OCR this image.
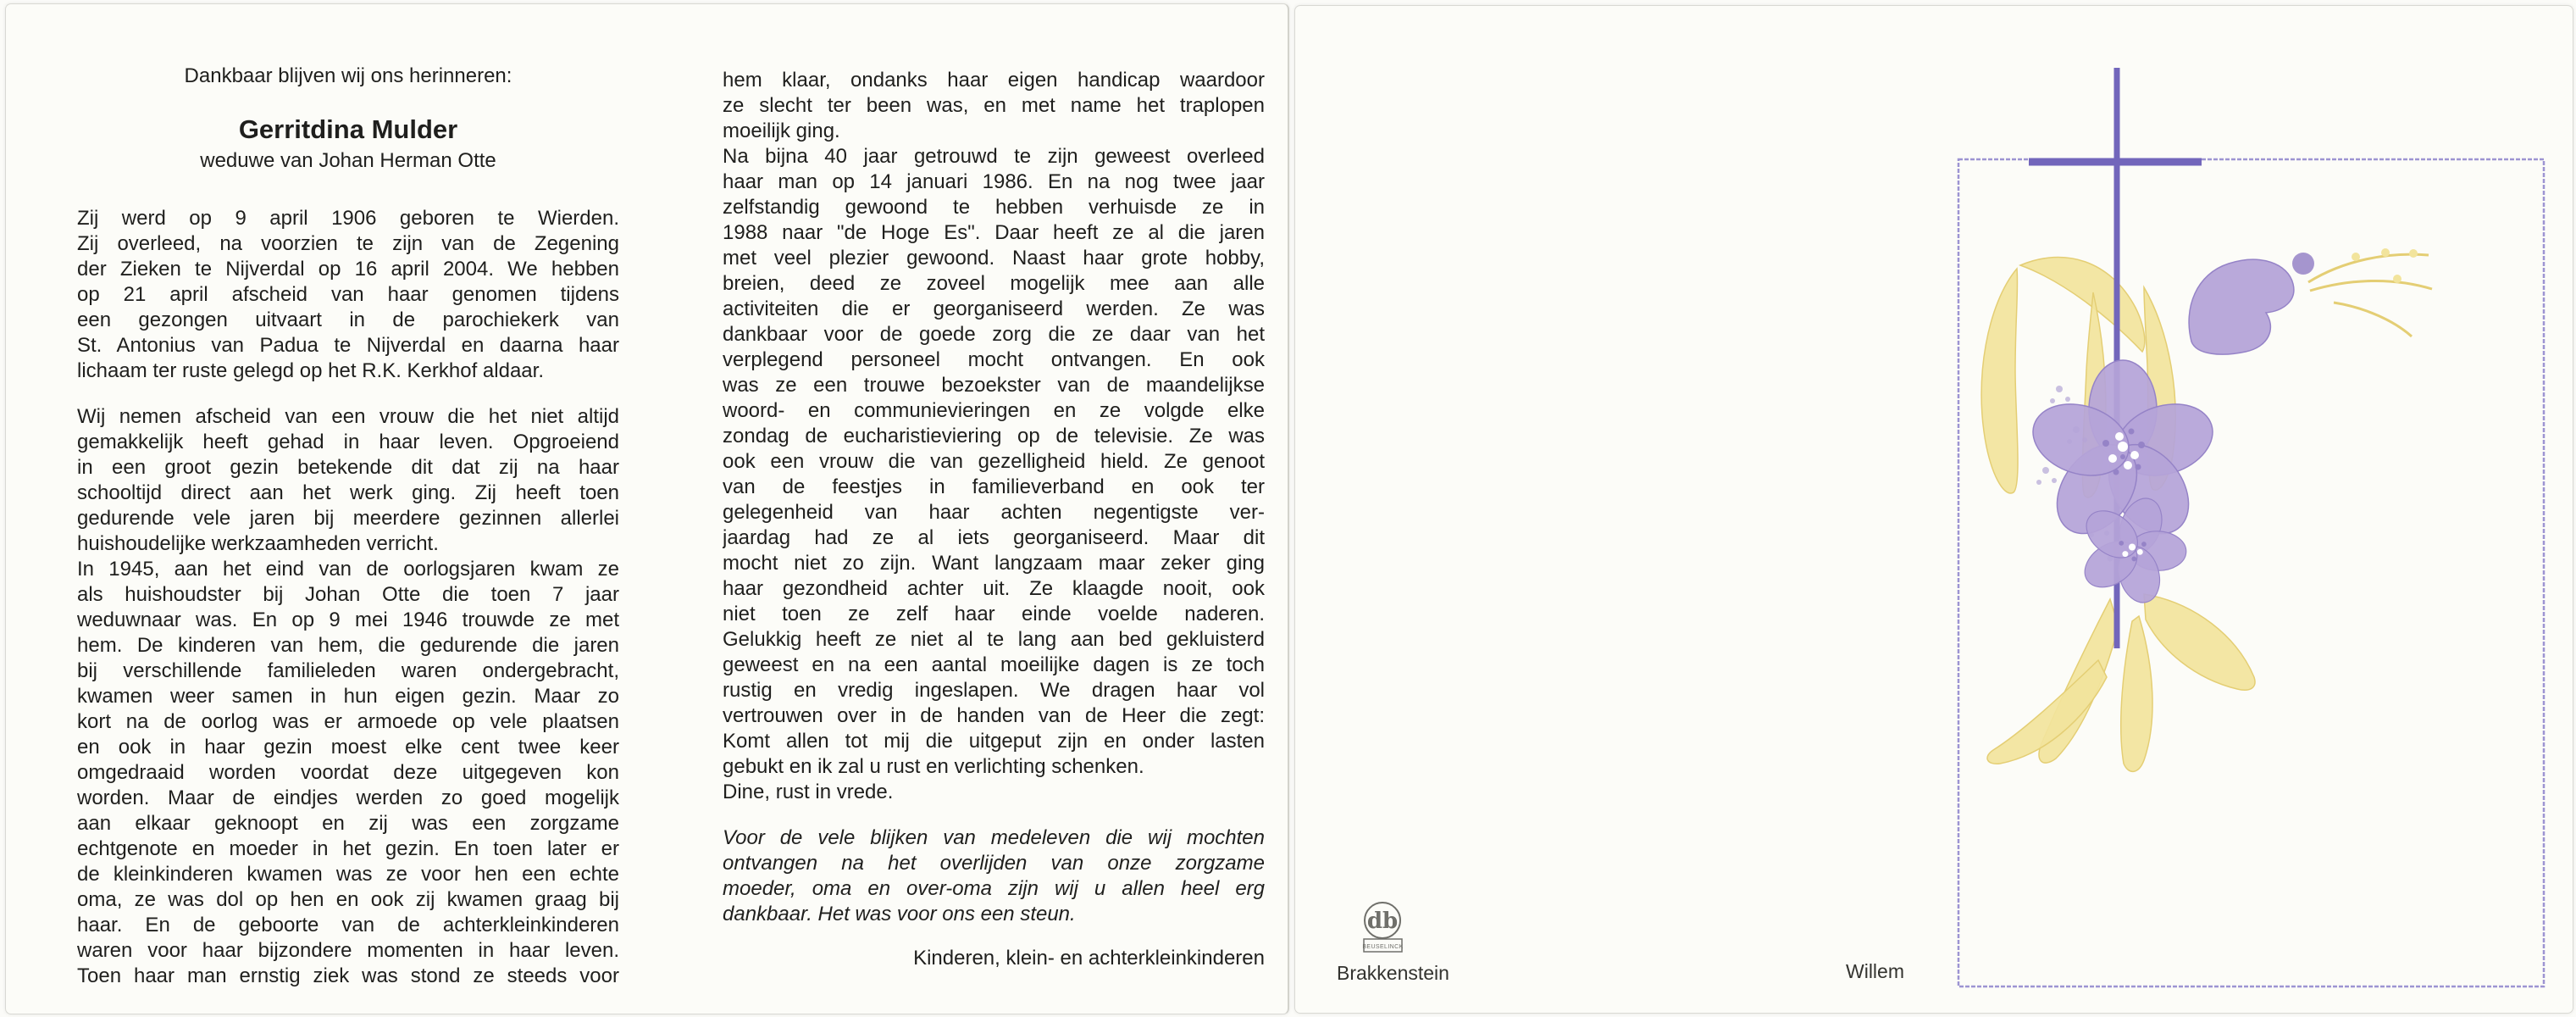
Dankbaar blijven wij ons herinneren:
Gerritdina Mulder
weduwe van Johan Herman Otte
Zij werd op 9 april 1906 geboren te Wierden.
Zij overleed, na voorzien te zijn van de Zegening
der Zieken te Nijverdal op 16 april 2004. We hebben
op 21 april afscheid van haar genomen tijdens
een gezongen uitvaart in de parochiekerk van
St. Antonius van Padua te Nijverdal en daarna haar
lichaam ter ruste gelegd op het R.K. Kerkhof aldaar.
Wij nemen afscheid van een vrouw die het niet altijd
gemakkelijk heeft gehad in haar leven. Opgroeiend
in een groot gezin betekende dit dat zij na haar
schooltijd direct aan het werk ging. Zij heeft toen
gedurende vele jaren bij meerdere gezinnen allerlei
huishoudelijke werkzaamheden verricht.
In 1945, aan het eind van de oorlogsjaren kwam ze
als huishoudster bij Johan Otte die toen 7 jaar
weduwnaar was. En op 9 mei 1946 trouwde ze met
hem. De kinderen van hem, die gedurende die jaren
bij verschillende familieleden waren ondergebracht,
kwamen weer samen in hun eigen gezin. Maar zo
kort na de oorlog was er armoede op vele plaatsen
en ook in haar gezin moest elke cent twee keer
omgedraaid worden voordat deze uitgegeven kon
worden. Maar de eindjes werden zo goed mogelijk
aan elkaar geknoopt en zij was een zorgzame
echtgenote en moeder in het gezin. En toen later er
de kleinkinderen kwamen was ze voor hen een echte
oma, ze was dol op hen en ook zij kwamen graag bij
haar. En de geboorte van de achterkleinkinderen
waren voor haar bijzondere momenten in haar leven.
Toen haar man ernstig ziek was stond ze steeds voor
hem klaar, ondanks haar eigen handicap waardoor
ze slecht ter been was, en met name het traplopen
moeilijk ging.
Na bijna 40 jaar getrouwd te zijn geweest overleed
haar man op 14 januari 1986. En na nog twee jaar
zelfstandig gewoond te hebben verhuisde ze in
1988 naar "de Hoge Es". Daar heeft ze al die jaren
met veel plezier gewoond. Naast haar grote hobby,
breien, deed ze zoveel mogelijk mee aan alle
activiteiten die er georganiseerd werden. Ze was
dankbaar voor de goede zorg die ze daar van het
verplegend personeel mocht ontvangen. En ook
was ze een trouwe bezoekster van de maandelijkse
woord- en communievieringen en ze volgde elke
zondag de eucharistieviering op de televisie. Ze was
ook een vrouw die van gezelligheid hield. Ze genoot
van de feestjes in familieverband en ook ter
gelegenheid van haar achten negentigste ver-
jaardag had ze al iets georganiseerd. Maar dit
mocht niet zo zijn. Want langzaam maar zeker ging
haar gezondheid achter uit. Ze klaagde nooit, ook
niet toen ze zelf haar einde voelde naderen.
Gelukkig heeft ze niet al te lang aan bed gekluisterd
geweest en na een aantal moeilijke dagen is ze toch
rustig en vredig ingeslapen. We dragen haar vol
vertrouwen over in de handen van de Heer die zegt:
Komt allen tot mij die uitgeput zijn en onder lasten
gebukt en ik zal u rust en verlichting schenken.
Dine, rust in vrede.
Voor de vele blijken van medeleven die wij mochten
ontvangen na het overlijden van onze zorgzame
moeder, oma en over-oma zijn wij u allen heel erg
dankbaar. Het was voor ons een steun.
Kinderen, klein- en achterkleinkinderen
db
BEUSELINCK
Brakkenstein	Willem
